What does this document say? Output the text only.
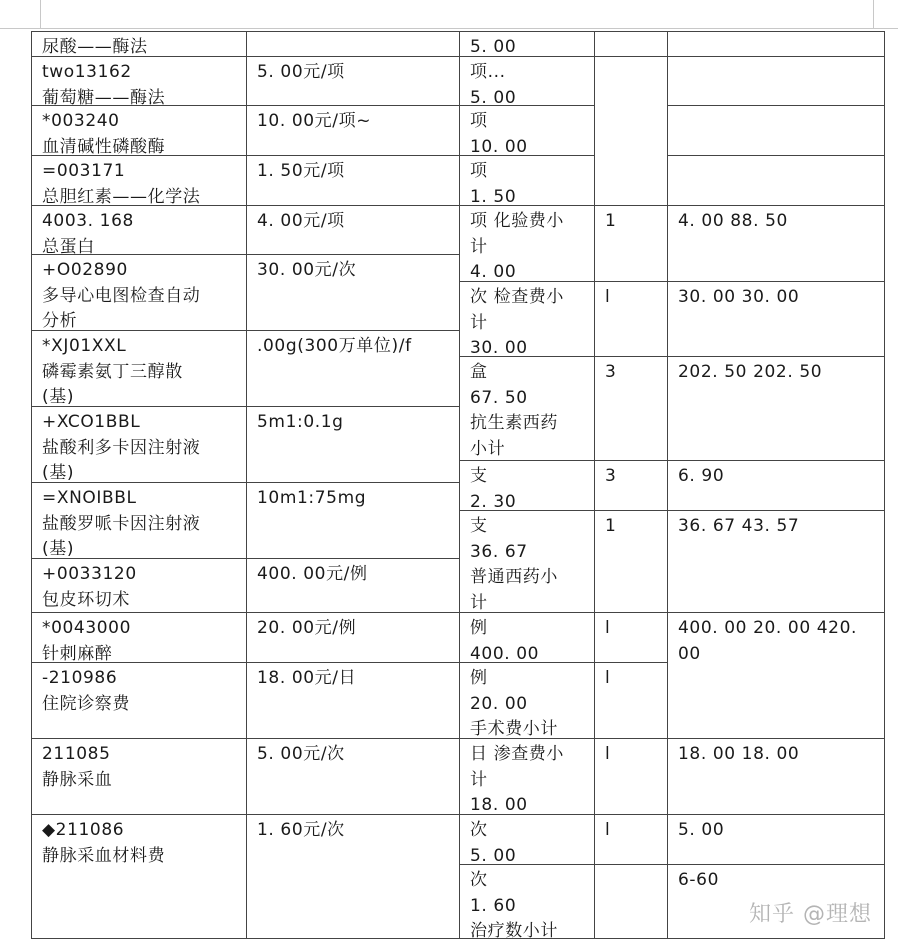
尿酸——酶法
two13162
葡萄糖——酶法
*003240
血清碱性磷酸酶
=003171
总胆红素——化学法
4003. 168
总蛋白
+O02890
多导心电图检查自动
分析
*XJ01XXL
磷霉素氨丁三醇散
(基)
+XCO1BBL
盐酸利多卡因注射液
(基)
=XNOIBBL
盐酸罗哌卡因注射液
(基)
+0033120
包皮环切术
*0043000
针刺麻醉
-210986
住院诊察费
211085
静脉采血
◆211086
静脉采血材料费
5. 00元/项
10. 00元/项~
1. 50元/项
4. 00元/项
30. 00元/次
.00g(300万单位)/f
5m1:0.1g
10m1:75mg
400. 00元/例
20. 00元/例
18. 00元/日
5. 00元/次
1. 60元/次
5. 00
项...
5. 00
项
10. 00
项
1. 50
项 化验费小
计
4. 00
次 检查费小
计
30. 00
盒
67. 50
抗生素西药
小计
支
2. 30
支
36. 67
普通西药小
计
例
400. 00
例
20. 00
手术费小计
日 渗查费小
计
18. 00
次
5. 00
次
1. 60
治疗数小计
1
l
3
3
1
l
l
l
l
4. 00 88. 50
30. 00 30. 00
202. 50 202. 50
6. 90
36. 67 43. 57
400. 00 20. 00 420.
00
18. 00 18. 00
5. 00
6-60
知乎 @理想
